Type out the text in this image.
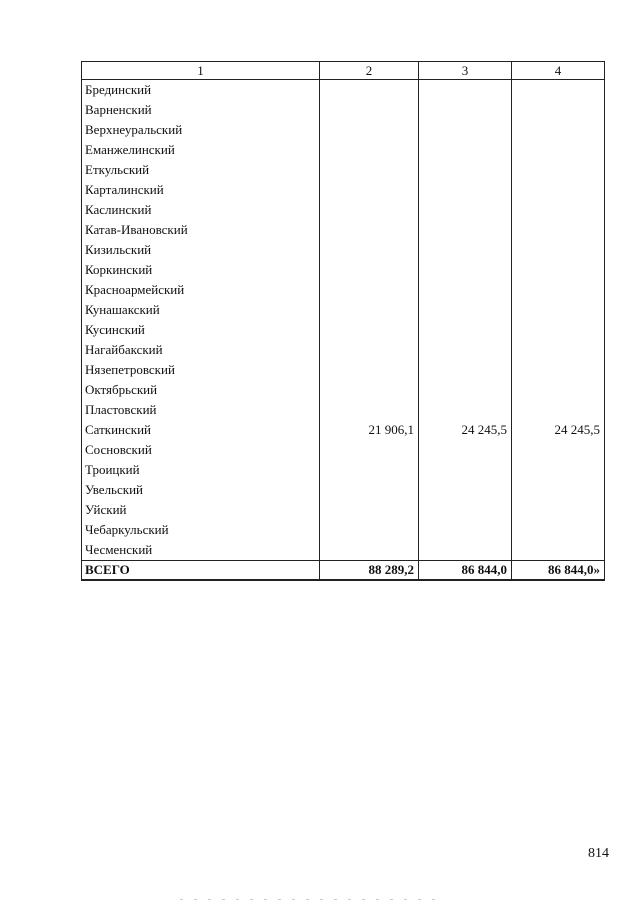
1	2	3	4
Брединский			
Варненский			
Верхнеуральский			
Еманжелинский			
Еткульский			
Карталинский			
Каслинский			
Катав-Ивановский			
Кизильский			
Коркинский			
Красноармейский			
Кунашакский			
Кусинский			
Нагайбакский			
Нязепетровский			
Октябрьский			
Пластовский			
Саткинский	21 906,1	24 245,5	24 245,5
Сосновский			
Троицкий			
Увельский			
Уйский			
Чебаркульский			
Чесменский			
ВСЕГО	88 289,2	86 844,0	86 844,0»
814
